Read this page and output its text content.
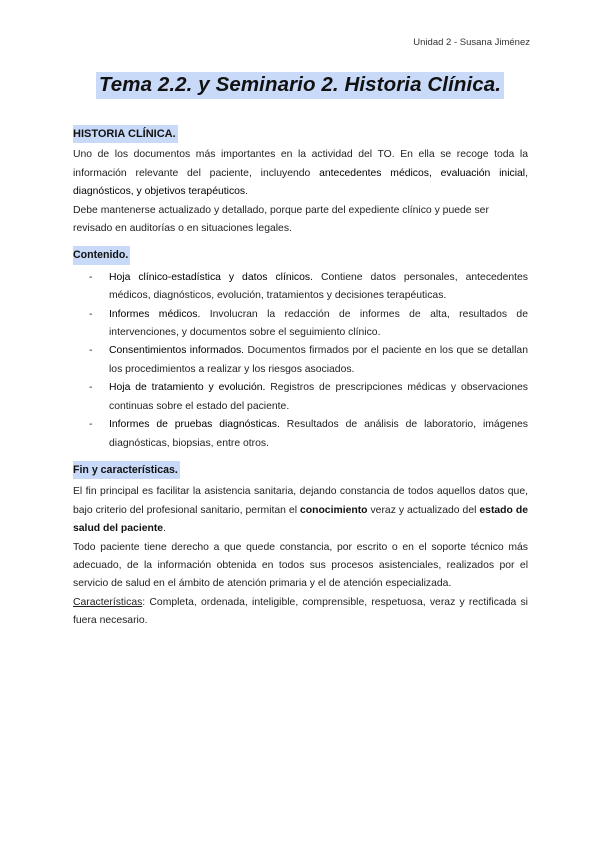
Unidad 2 - Susana Jiménez
Tema 2.2. y Seminario 2. Historia Clínica.
HISTORIA CLÍNICA.

Uno de los documentos más importantes en la actividad del TO. En ella se recoge toda la información relevante del paciente, incluyendo antecedentes médicos, evaluación inicial, diagnósticos, y objetivos terapéuticos.

Debe mantenerse actualizado y detallado, porque parte del expediente clínico y puede ser revisado en auditorías o en situaciones legales.

Contenido.
- Hoja clínico-estadística y datos clínicos. Contiene datos personales, antecedentes médicos, diagnósticos, evolución, tratamientos y decisiones terapéuticas.
- Informes médicos. Involucran la redacción de informes de alta, resultados de intervenciones, y documentos sobre el seguimiento clínico.
- Consentimientos informados. Documentos firmados por el paciente en los que se detallan los procedimientos a realizar y los riesgos asociados.
- Hoja de tratamiento y evolución. Registros de prescripciones médicas y observaciones continuas sobre el estado del paciente.
- Informes de pruebas diagnósticas. Resultados de análisis de laboratorio, imágenes diagnósticas, biopsias, entre otros.
Fin y características.

El fin principal es facilitar la asistencia sanitaria, dejando constancia de todos aquellos datos que, bajo criterio del profesional sanitario, permitan el conocimiento veraz y actualizado del estado de salud del paciente.

Todo paciente tiene derecho a que quede constancia, por escrito o en el soporte técnico más adecuado, de la información obtenida en todos sus procesos asistenciales, realizados por el servicio de salud en el ámbito de atención primaria y el de atención especializada.

Características: Completa, ordenada, inteligible, comprensible, respetuosa, veraz y rectificada si fuera necesario.
